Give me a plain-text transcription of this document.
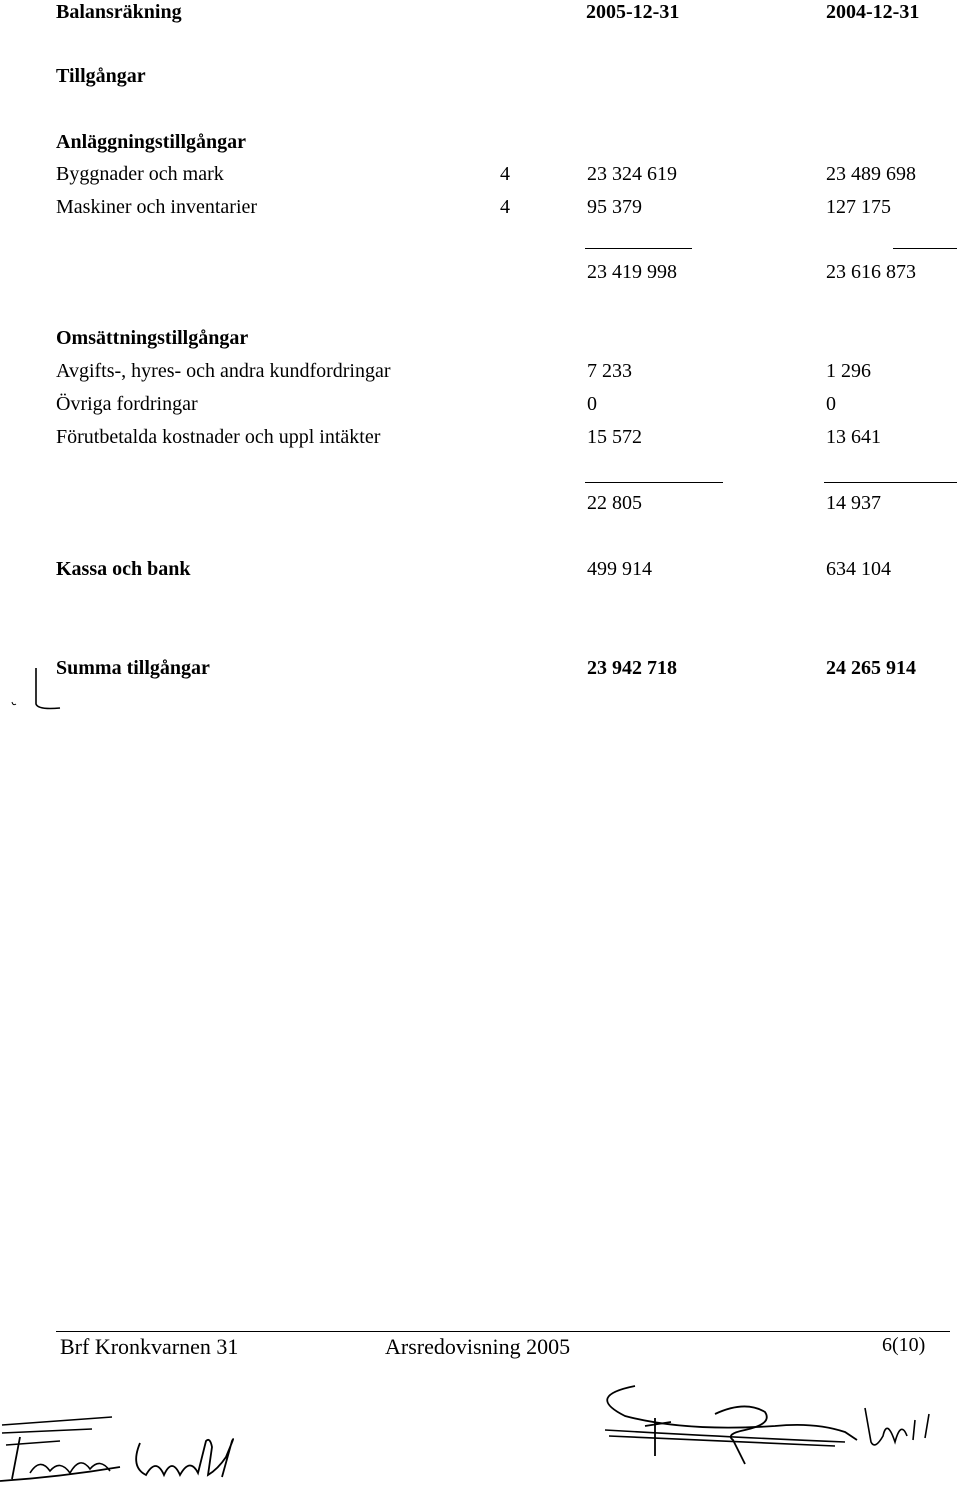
Balansräkning	2005-12-31	2004-12-31
Tillgångar
Anläggningstillgångar
Byggnader och mark	4	23 324 619	23 489 698
Maskiner och inventarier	4	95 379	127 175
23 419 998	23 616 873
Omsättningstillgångar
Avgifts-, hyres- och andra kundfordringar	7 233	1 296
Övriga fordringar	0	0
Förutbetalda kostnader och uppl intäkter	15 572	13 641
22 805	14 937
Kassa och bank	499 914	634 104
Summa tillgångar	23 942 718	24 265 914
Brf Kronkvarnen 31	Arsredovisning 2005	6(10)
